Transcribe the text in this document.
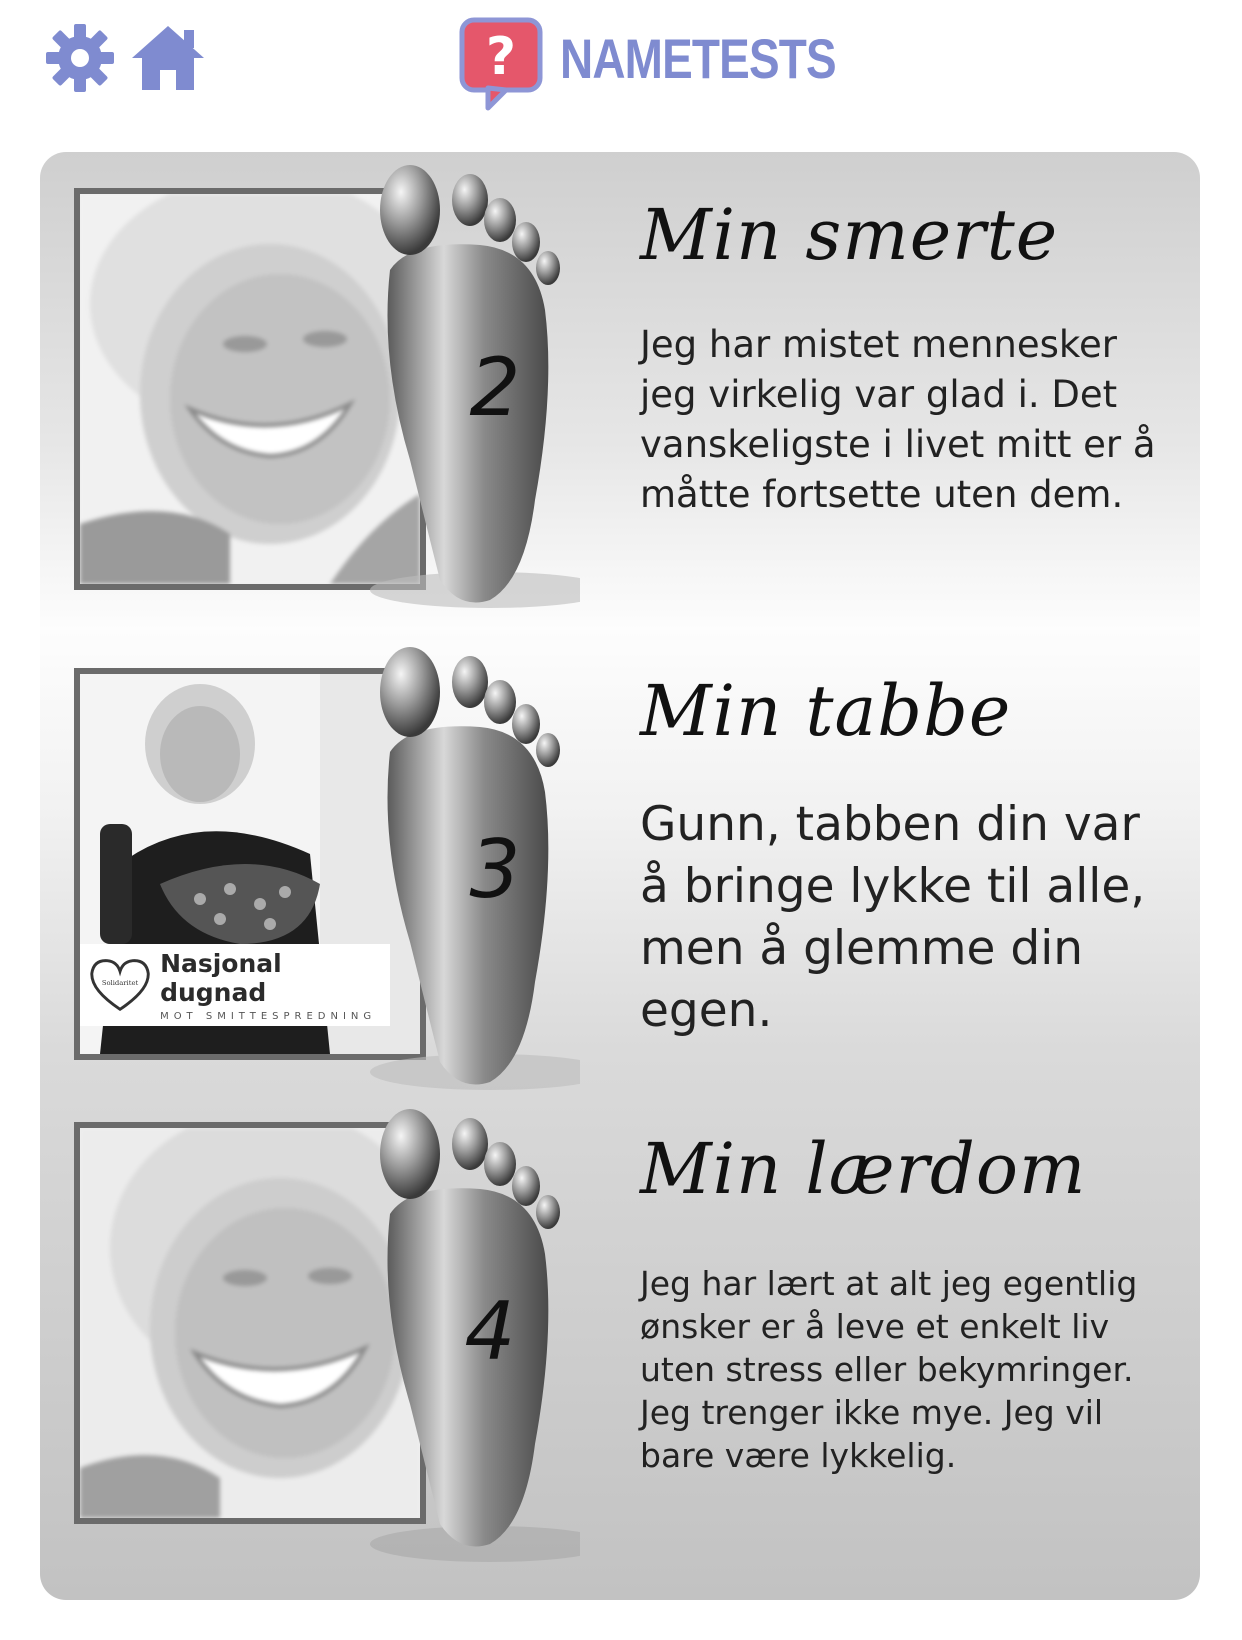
? NAMETESTS
2
Min smerte
Jeg har mistet mennesker jeg virkelig var glad i. Det vanskeligste i livet mitt er å måtte fortsette uten dem.
Solidaritet
Nasjonal dugnad
MOT SMITTESPREDNING
3
Min tabbe
Gunn, tabben din var å bringe lykke til alle, men å glemme din egen.
4
Min lærdom
Jeg har lært at alt jeg egentlig ønsker er å leve et enkelt liv uten stress eller bekymringer. Jeg trenger ikke mye. Jeg vil bare være lykkelig.
